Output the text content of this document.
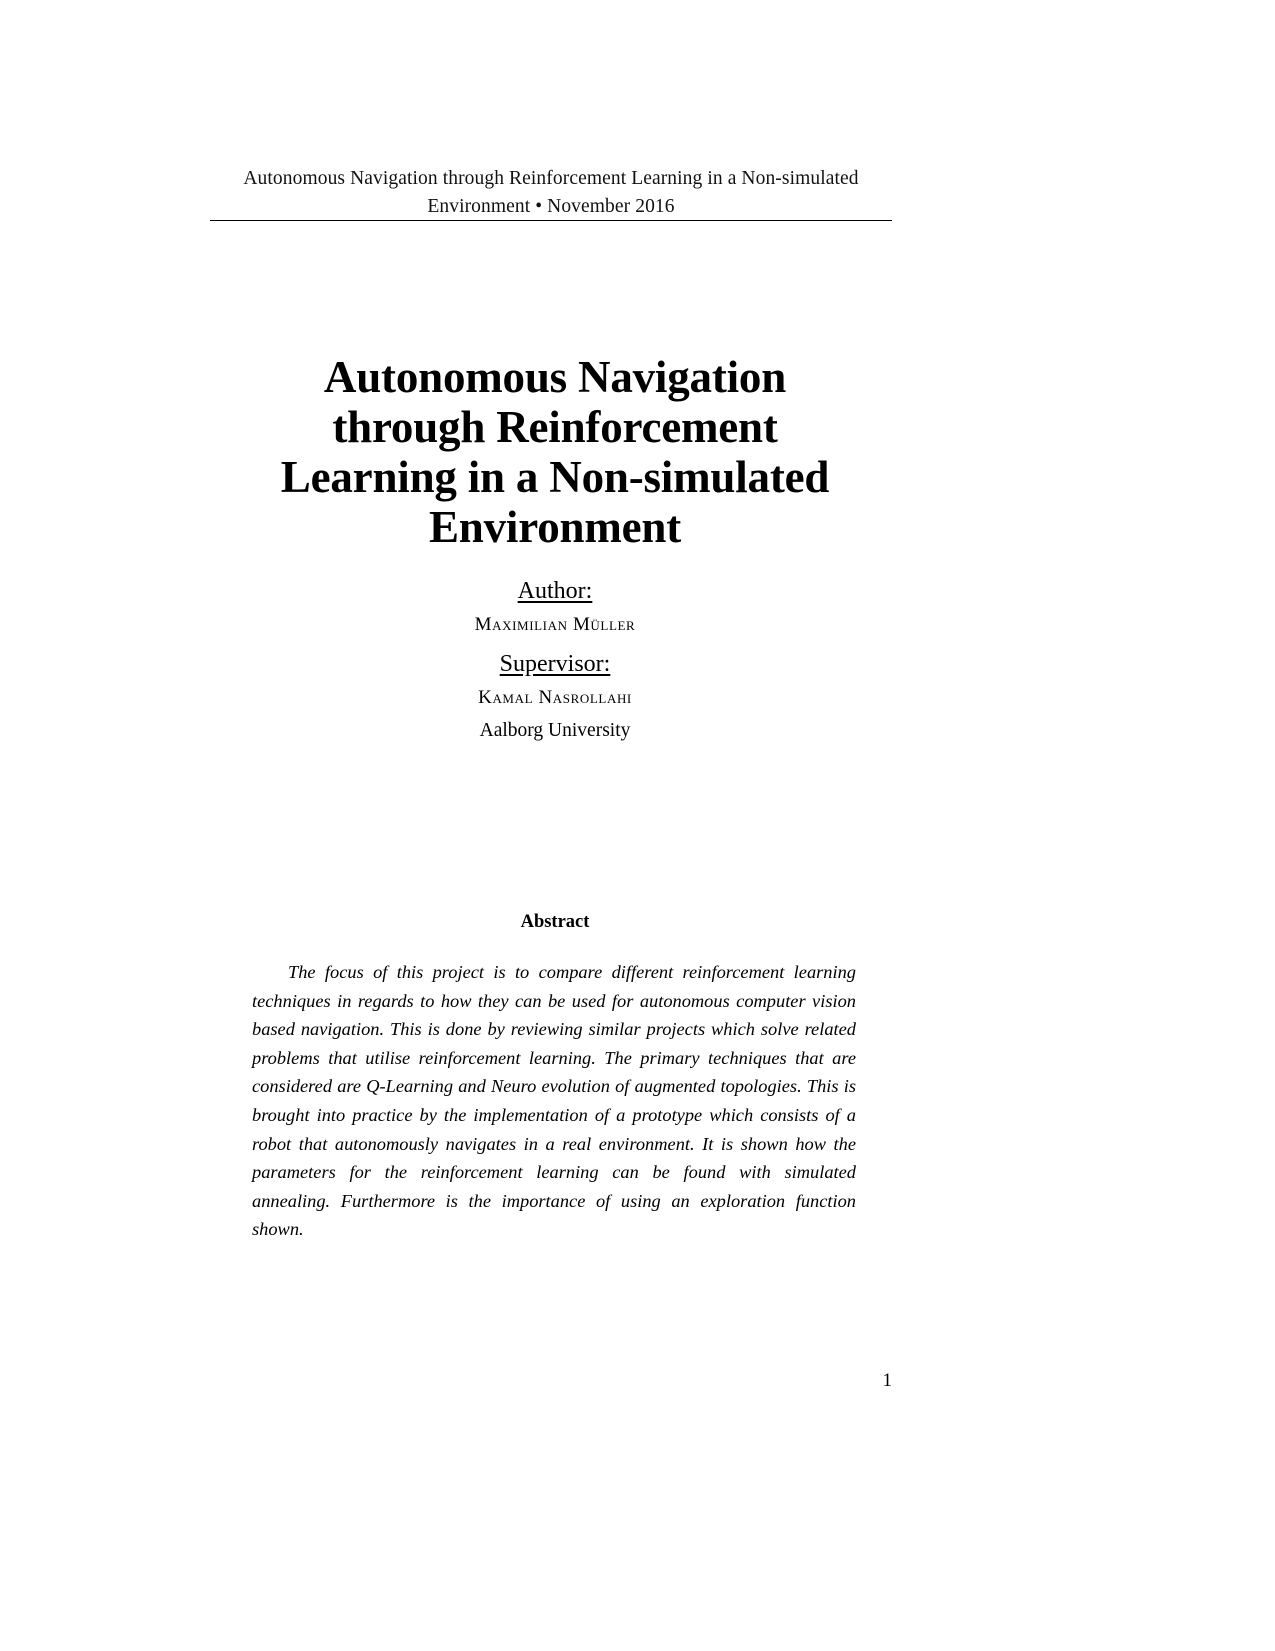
Autonomous Navigation through Reinforcement Learning in a Non-simulated
Environment • November 2016
Autonomous Navigation
through Reinforcement
Learning in a Non-simulated
Environment
Author:
Maximilian Müller
Supervisor:
Kamal Nasrollahi
Aalborg University
Abstract
The focus of this project is to compare different reinforcement learning techniques in regards to how they can be used for autonomous computer vision based navigation. This is done by reviewing similar projects which solve related problems that utilise reinforcement learning. The primary techniques that are considered are Q-Learning and Neuro evolution of augmented topologies. This is brought into practice by the implementation of a prototype which consists of a robot that autonomously navigates in a real environment. It is shown how the parameters for the reinforcement learning can be found with simulated annealing. Furthermore is the importance of using an exploration function shown.
1
